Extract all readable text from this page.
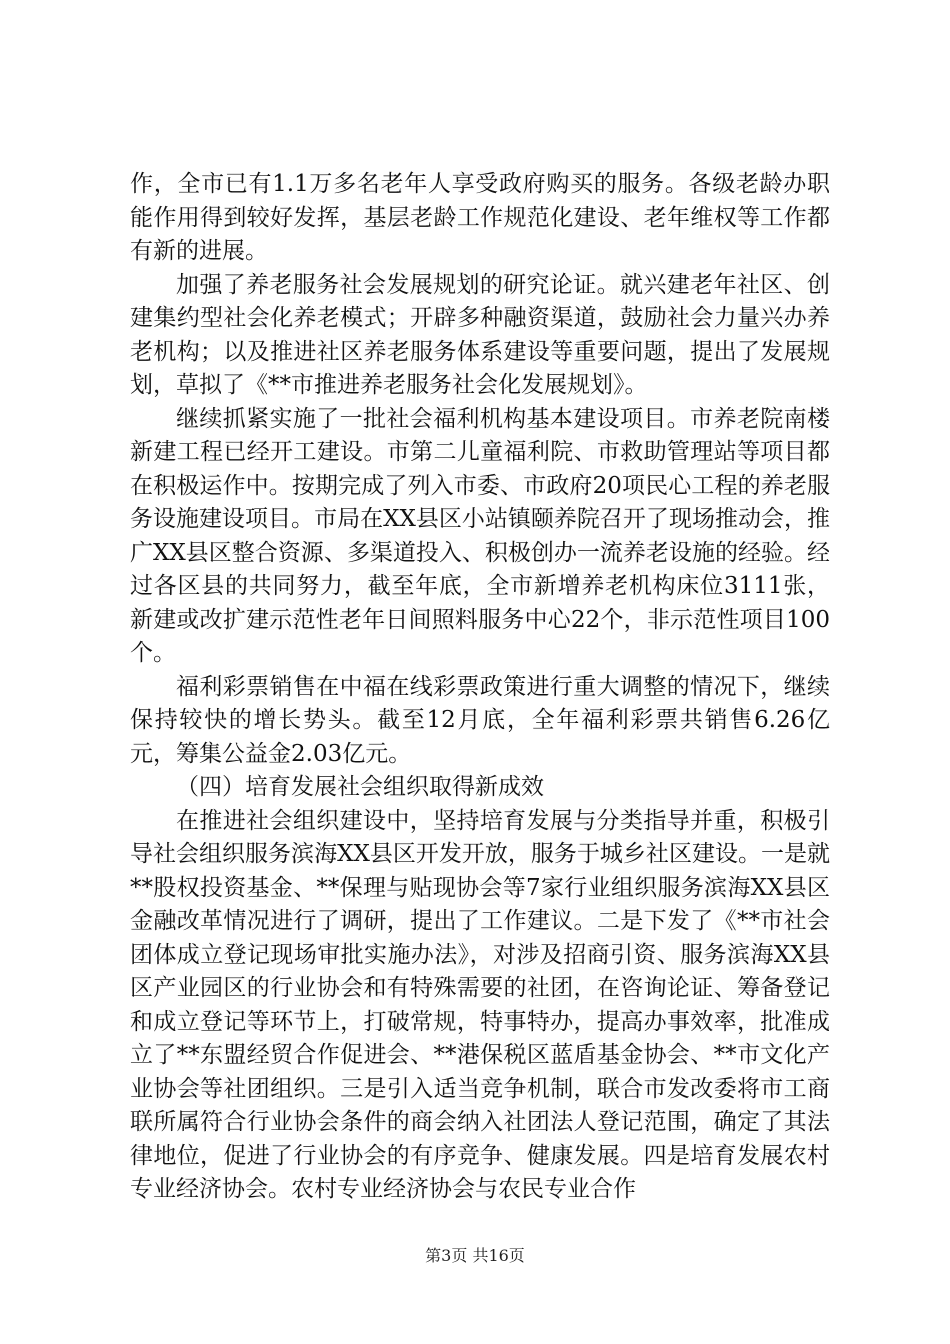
作，全市已有1.1万多名老年人享受政府购买的服务。各级老龄办职能作用得到较好发挥，基层老龄工作规范化建设、老年维权等工作都有新的进展。

加强了养老服务社会发展规划的研究论证。就兴建老年社区、创建集约型社会化养老模式；开辟多种融资渠道，鼓励社会力量兴办养老机构；以及推进社区养老服务体系建设等重要问题，提出了发展规划，草拟了《**市推进养老服务社会化发展规划》。

继续抓紧实施了一批社会福利机构基本建设项目。市养老院南楼新建工程已经开工建设。市第二儿童福利院、市救助管理站等项目都在积极运作中。按期完成了列入市委、市政府20项民心工程的养老服务设施建设项目。市局在XX县区小站镇颐养院召开了现场推动会，推广XX县区整合资源、多渠道投入、积极创办一流养老设施的经验。经过各区县的共同努力，截至年底，全市新增养老机构床位3111张，新建或改扩建示范性老年日间照料服务中心22个，非示范性项目100个。

福利彩票销售在中福在线彩票政策进行重大调整的情况下，继续保持较快的增长势头。截至12月底，全年福利彩票共销售6.26亿元，筹集公益金2.03亿元。

（四）培育发展社会组织取得新成效

在推进社会组织建设中，坚持培育发展与分类指导并重，积极引导社会组织服务滨海XX县区开发开放，服务于城乡社区建设。一是就**股权投资基金、**保理与贴现协会等7家行业组织服务滨海XX县区金融改革情况进行了调研，提出了工作建议。二是下发了《**市社会团体成立登记现场审批实施办法》，对涉及招商引资、服务滨海XX县区产业园区的行业协会和有特殊需要的社团，在咨询论证、筹备登记和成立登记等环节上，打破常规，特事特办，提高办事效率，批准成立了**东盟经贸合作促进会、**港保税区蓝盾基金协会、**市文化产业协会等社团组织。三是引入适当竞争机制，联合市发改委将市工商联所属符合行业协会条件的商会纳入社团法人登记范围，确定了其法律地位，促进了行业协会的有序竞争、健康发展。四是培育发展农村专业经济协会。农村专业经济协会与农民专业合作

第3页 共16页
